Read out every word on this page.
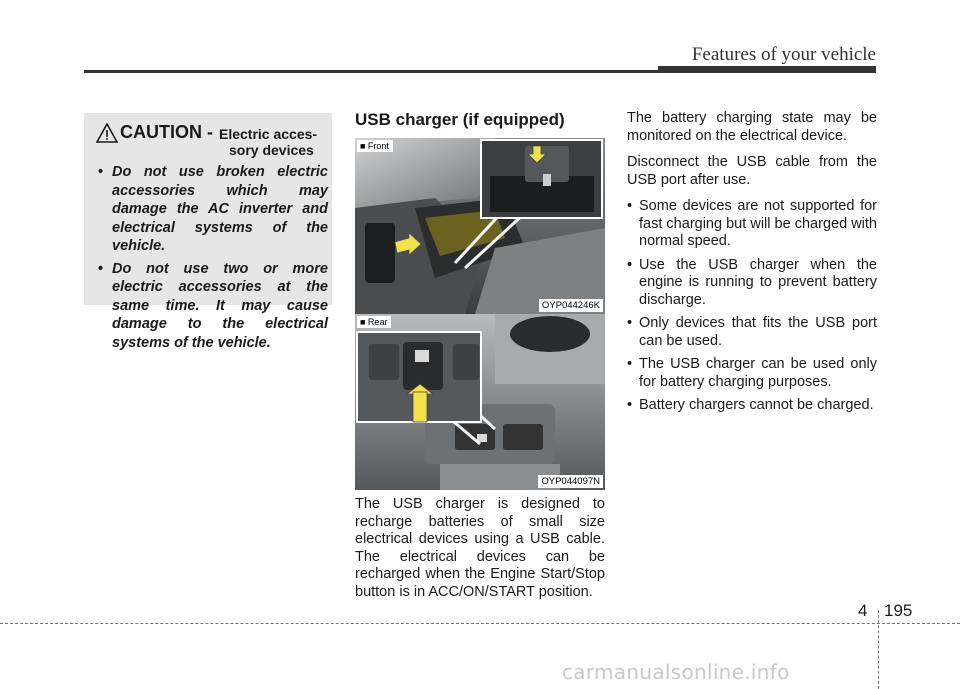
Features of your vehicle
CAUTION - Electric acces-
sory devices
• Do not use broken electric accessories which may damage the AC inverter and electrical systems of the vehicle.
• Do not use two or more electric accessories at the same time. It may cause damage to the electrical systems of the vehicle.
USB charger (if equipped)
■ Front
OYP044246K
■ Rear
OYP044097N
The USB charger is designed to recharge batteries of small size electrical devices using a USB cable. The electrical devices can be recharged when the Engine Start/Stop button is in ACC/ON/START position.

The battery charging state may be monitored on the electrical device.

Disconnect the USB cable from the USB port after use.

• Some devices are not supported for fast charging but will be charged with normal speed.
• Use the USB charger when the engine is running to prevent battery discharge.
• Only devices that fits the USB port can be used.
• The USB charger can be used only for battery charging purposes.
• Battery chargers cannot be charged.
4 195
carmanualsonline.info
